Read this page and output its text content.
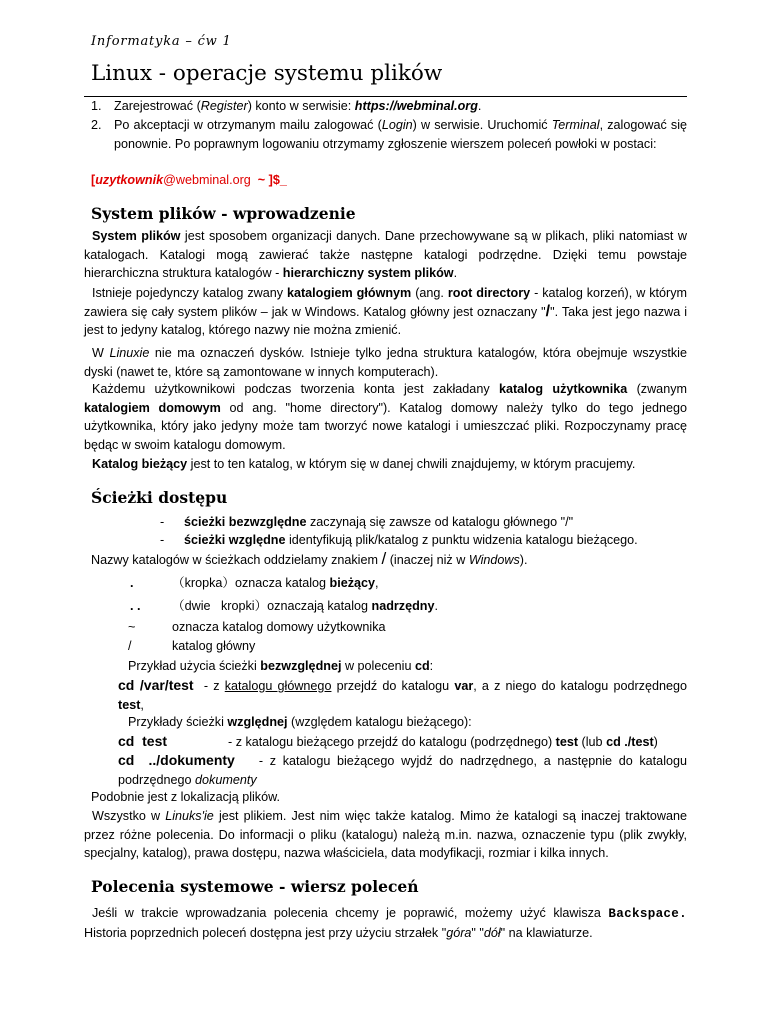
Informatyka – ćw 1
Linux - operacje systemu plików
1. Zarejestrować (Register) konto w serwisie: https://webminal.org.
2. Po akceptacji w otrzymanym mailu zalogować (Login) w serwisie. Uruchomić Terminal, zalogować się ponownie. Po poprawnym logowaniu otrzymamy zgłoszenie wierszem poleceń powłoki w postaci:
[uzytkownik@webminal.org  ~ ]$_
System plików - wprowadzenie
System plików jest sposobem organizacji danych. Dane przechowywane są w plikach, pliki natomiast w katalogach. Katalogi mogą zawierać także następne katalogi podrzędne. Dzięki temu powstaje hierarchiczna struktura katalogów - hierarchiczny system plików.
Istnieje pojedynczy katalog zwany katalogiem głównym (ang. root directory - katalog korzeń), w którym zawiera się cały system plików – jak w Windows. Katalog główny jest oznaczany "/". Taka jest jego nazwa i jest to jedyny katalog, którego nazwy nie można zmienić.
W Linuxie nie ma oznaczeń dysków. Istnieje tylko jedna struktura katalogów, która obejmuje wszystkie dyski (nawet te, które są zamontowane w innych komputerach).
Każdemu użytkownikowi podczas tworzenia konta jest zakładany katalog użytkownika (zwanym katalogiem domowym od ang. "home directory"). Katalog domowy należy tylko do tego jednego użytkownika, który jako jedyny może tam tworzyć nowe katalogi i umieszczać pliki. Rozpoczynamy pracę będąc w swoim katalogu domowym.
Katalog bieżący jest to ten katalog, w którym się w danej chwili znajdujemy, w którym pracujemy.
Ścieżki dostępu
- ścieżki bezwzględne zaczynają się zawsze od katalogu głównego "/"
- ścieżki względne identyfikują plik/katalog z punktu widzenia katalogu bieżącego.
Nazwy katalogów w ścieżkach oddzielamy znakiem / (inaczej niż w Windows).
.	（kropka）oznacza katalog bieżący,
. .	（dwie   kropki）oznaczają katalog nadrzędny.
~	oznacza katalog domowy użytkownika
/	katalog główny
Przykład użycia ścieżki bezwzględnej w poleceniu cd:
cd /var/test  - z katalogu głównego przejdź do katalogu var, a z niego do katalogu podrzędnego test,
Przykłady ścieżki względnej (względem katalogu bieżącego):
cd  test	- z katalogu bieżącego przejdź do katalogu (podrzędnego) test (lub cd ./test)
cd  ../dokumenty - z katalogu bieżącego wyjdź do nadrzędnego, a następnie do katalogu podrzędnego dokumenty
Podobnie jest z lokalizacją plików.
Wszystko w Linuks'ie jest plikiem. Jest nim więc także katalog. Mimo że katalogi są inaczej traktowane przez różne polecenia. Do informacji o pliku (katalogu) należą m.in. nazwa, oznaczenie typu (plik zwykły, specjalny, katalog), prawa dostępu, nazwa właściciela, data modyfikacji, rozmiar i kilka innych.
Polecenia systemowe - wiersz poleceń
Jeśli w trakcie wprowadzania polecenia chcemy je poprawić, możemy użyć klawisza Backspace. Historia poprzednich poleceń dostępna jest przy użyciu strzałek "góra" "dół" na klawiaturze.
